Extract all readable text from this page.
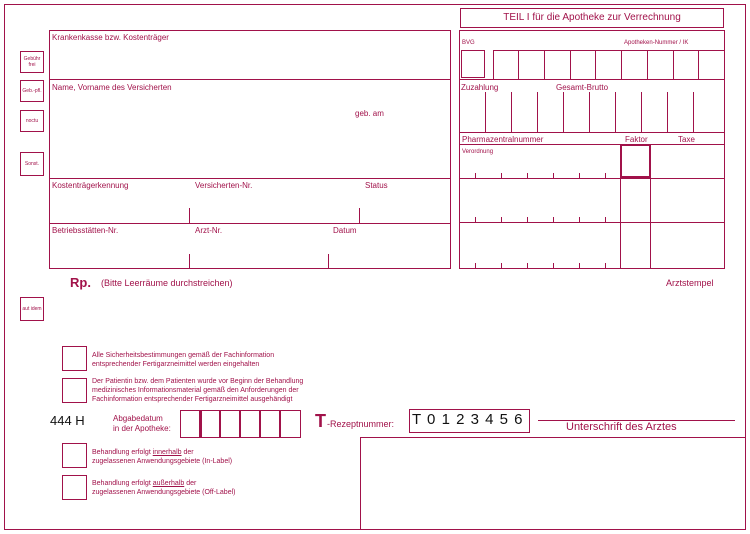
TEIL I für die Apotheke zur Verrechnung
Gebühr frei
Geb.-pfl.
noctu
Sonst.
aut idem
Krankenkasse bzw. Kostenträger
Name, Vorname des Versicherten
geb. am
Kostenträgerkennung	Versicherten-Nr.	Status
Betriebsstätten-Nr.	Arzt-Nr.	Datum
BVG	Apotheken-Nummer / IK
Zuzahlung	Gesamt-Brutto
Pharmazentralnummer	Faktor	Taxe
Verordnung
Rp. (Bitte Leerräume durchstreichen)	Arztstempel
Alle Sicherheitsbestimmungen gemäß der Fachinformation
entsprechender Fertigarzneimittel werden eingehalten
Der Patientin bzw. dem Patienten wurde vor Beginn der Behandlung
medizinisches Informationsmaterial gemäß den Anforderungen der
Fachinformation entsprechender Fertigarzneimittel ausgehändigt
444 H	Abgabedatum
in der Apotheke:	T -Rezeptnummer: T 0 1 2 3 4 5 6	Unterschrift des Arztes
Behandlung erfolgt innerhalb der
zugelassenen Anwendungsgebiete (In-Label)
Behandlung erfolgt außerhalb der
zugelassenen Anwendungsgebiete (Off-Label)
